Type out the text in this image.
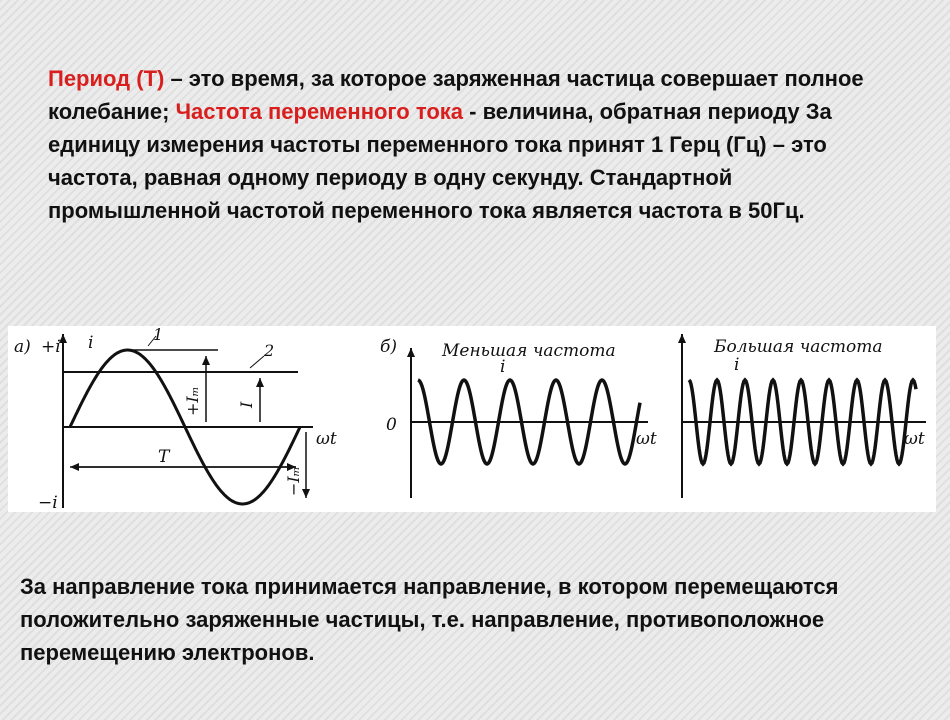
Период (Т) – это время, за которое заряженная частица совершает полное колебание; Частота переменного тока - величина, обратная периоду За единицу измерения частоты переменного тока принят 1 Герц (Гц) – это частота, равная одному периоду в одну секунду. Стандартной промышленной частотой переменного тока является частота в 50Гц.
а) +i
−i
i	1
2
+Iₘ I
T
−Iₘ
ωt
б)
0
Меньшая частота
i
ωt
Большая частота
i
ωt
За направление тока принимается направление, в котором перемещаются положительно заряженные частицы, т.е. направление, противоположное перемещению электронов.
